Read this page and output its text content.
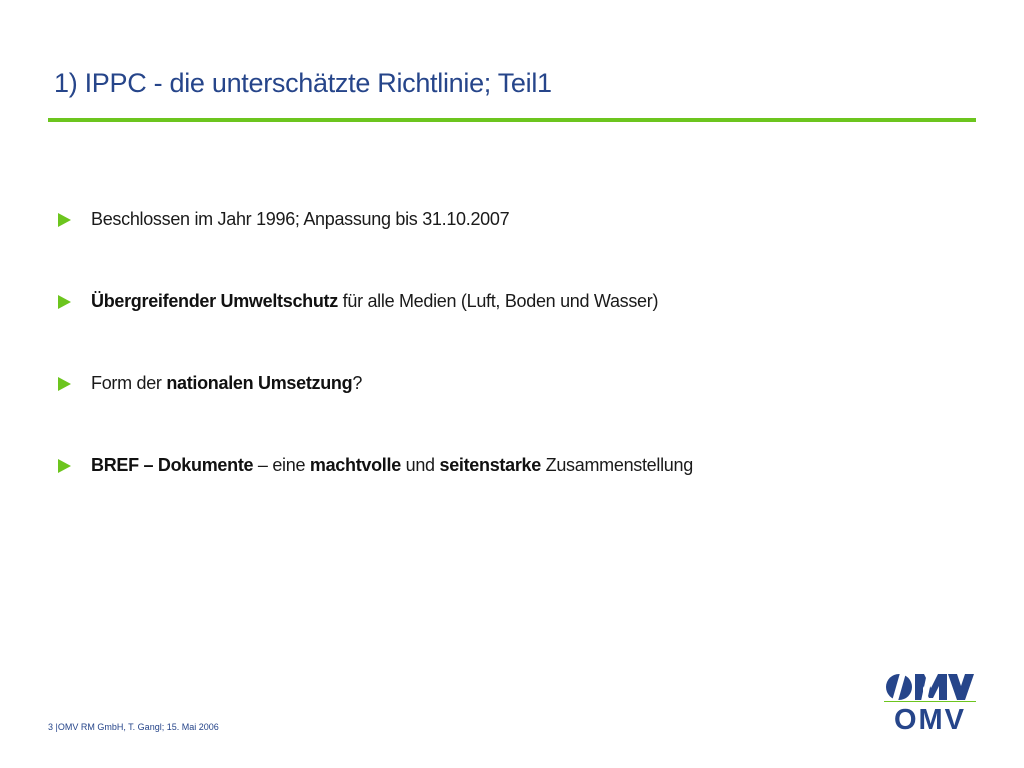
1) IPPC - die unterschätzte Richtlinie; Teil1
Beschlossen im Jahr 1996; Anpassung bis 31.10.2007
Übergreifender Umweltschutz für alle Medien (Luft, Boden und Wasser)
Form der nationalen Umsetzung?
BREF – Dokumente – eine machtvolle und seitenstarke Zusammenstellung
3 |OMV RM GmbH, T. Gangl; 15. Mai 2006	OMV
